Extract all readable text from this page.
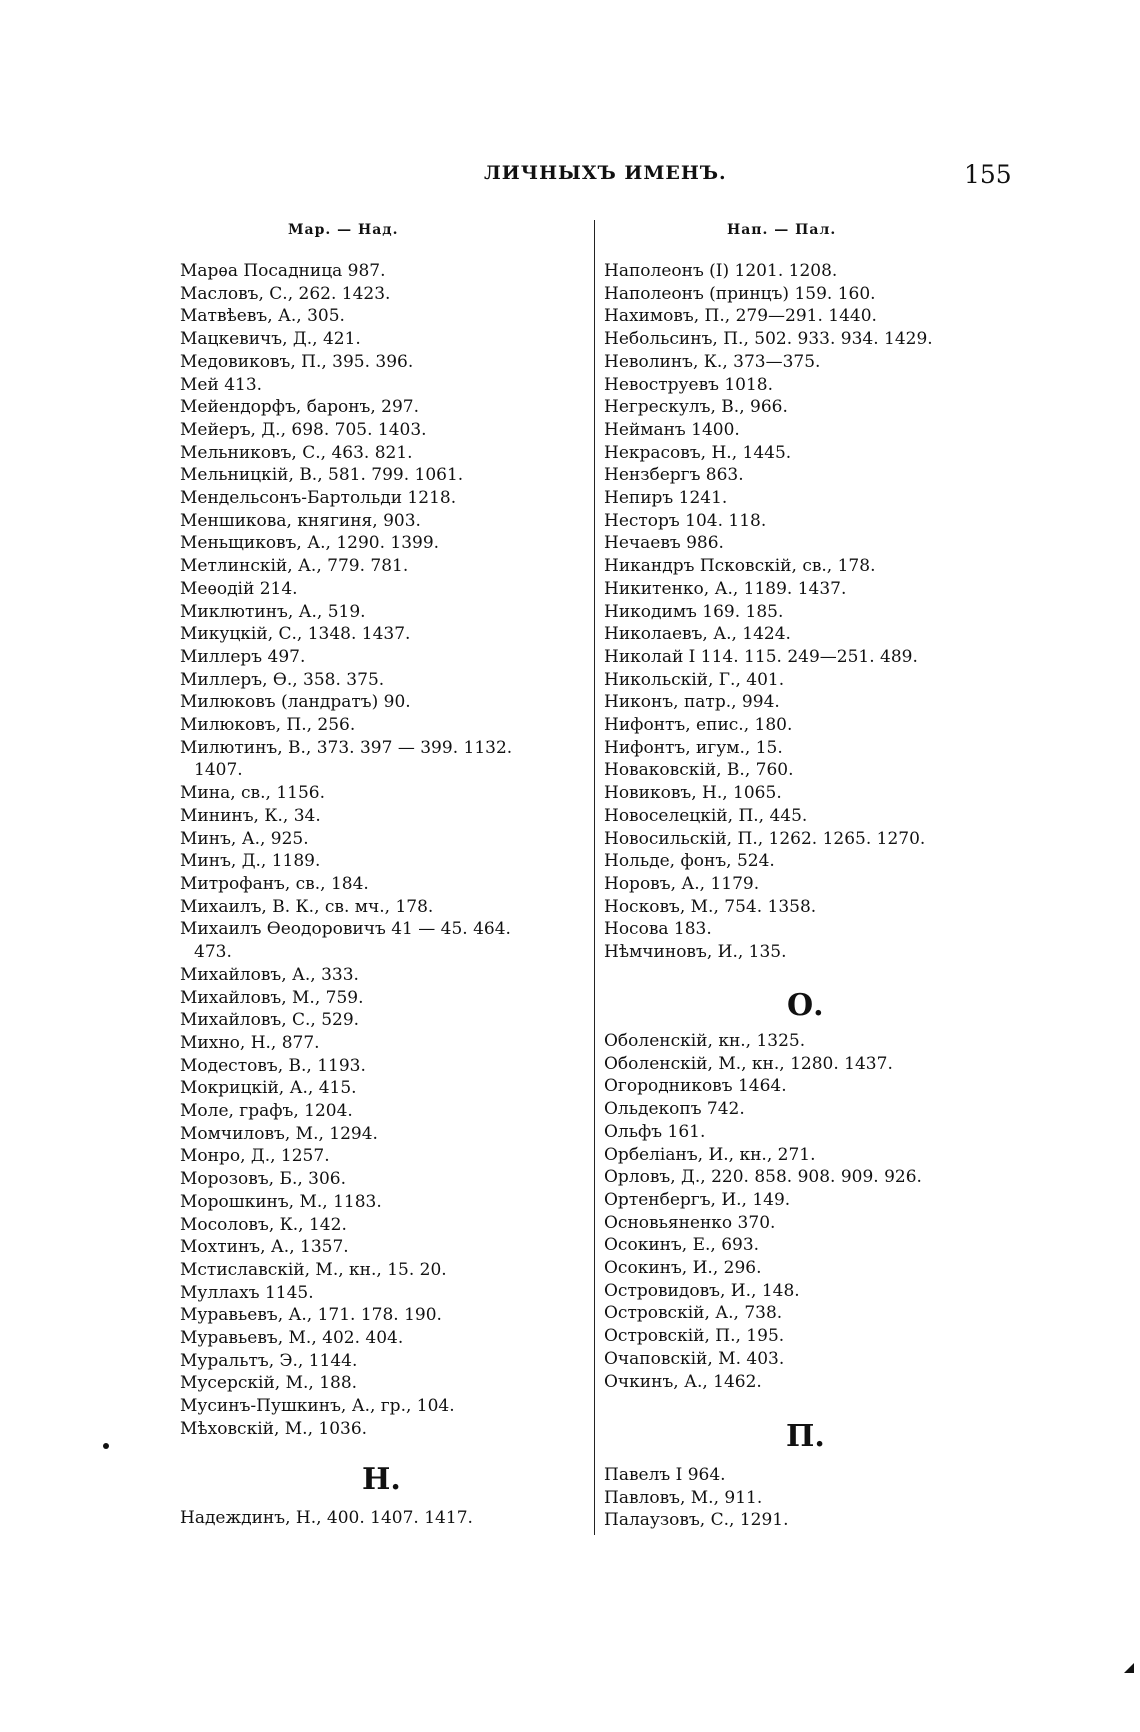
ЛИЧНЫХЪ ИМЕНЪ.	155
Мар. — Над.	Нап. — Пал.
Марѳа Посадница 987.
Масловъ, С., 262. 1423.
Матвѣевъ, А., 305.
Мацкевичъ, Д., 421.
Медовиковъ, П., 395. 396.
Мей 413.
Мейендорфъ, баронъ, 297.
Мейеръ, Д., 698. 705. 1403.
Мельниковъ, С., 463. 821.
Мельницкій, В., 581. 799. 1061.
Мендельсонъ-Бартольди 1218.
Меншикова, княгиня, 903.
Меньщиковъ, А., 1290. 1399.
Метлинскій, А., 779. 781.
Меѳодій 214.
Миклютинъ, А., 519.
Микуцкій, С., 1348. 1437.
Миллеръ 497.
Миллеръ, Ѳ., 358. 375.
Милюковъ (ландратъ) 90.
Милюковъ, П., 256.
Милютинъ, В., 373. 397 — 399. 1132.
1407.
Мина, св., 1156.
Мининъ, К., 34.
Минъ, А., 925.
Минъ, Д., 1189.
Митрофанъ, св., 184.
Михаилъ, В. К., св. мч., 178.
Михаилъ Ѳеодоровичъ 41 — 45. 464.
473.
Михайловъ, А., 333.
Михайловъ, М., 759.
Михайловъ, С., 529.
Михно, Н., 877.
Модестовъ, В., 1193.
Мокрицкій, А., 415.
Моле, графъ, 1204.
Момчиловъ, М., 1294.
Монро, Д., 1257.
Морозовъ, Б., 306.
Морошкинъ, М., 1183.
Мосоловъ, К., 142.
Мохтинъ, А., 1357.
Мстиславскій, М., кн., 15. 20.
Муллахъ 1145.
Муравьевъ, А., 171. 178. 190.
Муравьевъ, М., 402. 404.
Муральтъ, Э., 1144.
Мусерскій, М., 188.
Мусинъ-Пушкинъ, А., гр., 104.
Мѣховскій, М., 1036.
Н.
Надеждинъ, Н., 400. 1407. 1417.
Наполеонъ (I) 1201. 1208.
Наполеонъ (принцъ) 159. 160.
Нахимовъ, П., 279—291. 1440.
Небольсинъ, П., 502. 933. 934. 1429.
Неволинъ, К., 373—375.
Невоструевъ 1018.
Негрескулъ, В., 966.
Нейманъ 1400.
Некрасовъ, Н., 1445.
Нензбергъ 863.
Непиръ 1241.
Несторъ 104. 118.
Нечаевъ 986.
Никандръ Псковскій, св., 178.
Никитенко, А., 1189. 1437.
Никодимъ 169. 185.
Николаевъ, А., 1424.
Николай I 114. 115. 249—251. 489.
Никольскій, Г., 401.
Никонъ, патр., 994.
Нифонтъ, епис., 180.
Нифонтъ, игум., 15.
Новаковскій, В., 760.
Новиковъ, Н., 1065.
Новоселецкій, П., 445.
Новосильскій, П., 1262. 1265. 1270.
Нольде, фонъ, 524.
Норовъ, А., 1179.
Носковъ, М., 754. 1358.
Носова 183.
Нѣмчиновъ, И., 135.
О.
Оболенскій, кн., 1325.
Оболенскій, М., кн., 1280. 1437.
Огородниковъ 1464.
Ольдекопъ 742.
Ольфъ 161.
Орбеліанъ, И., кн., 271.
Орловъ, Д., 220. 858. 908. 909. 926.
Ортенбергъ, И., 149.
Основьяненко 370.
Осокинъ, Е., 693.
Осокинъ, И., 296.
Островидовъ, И., 148.
Островскій, А., 738.
Островскій, П., 195.
Очаповскій, М. 403.
Очкинъ, А., 1462.
П.
Павелъ I 964.
Павловъ, М., 911.
Палаузовъ, С., 1291.
